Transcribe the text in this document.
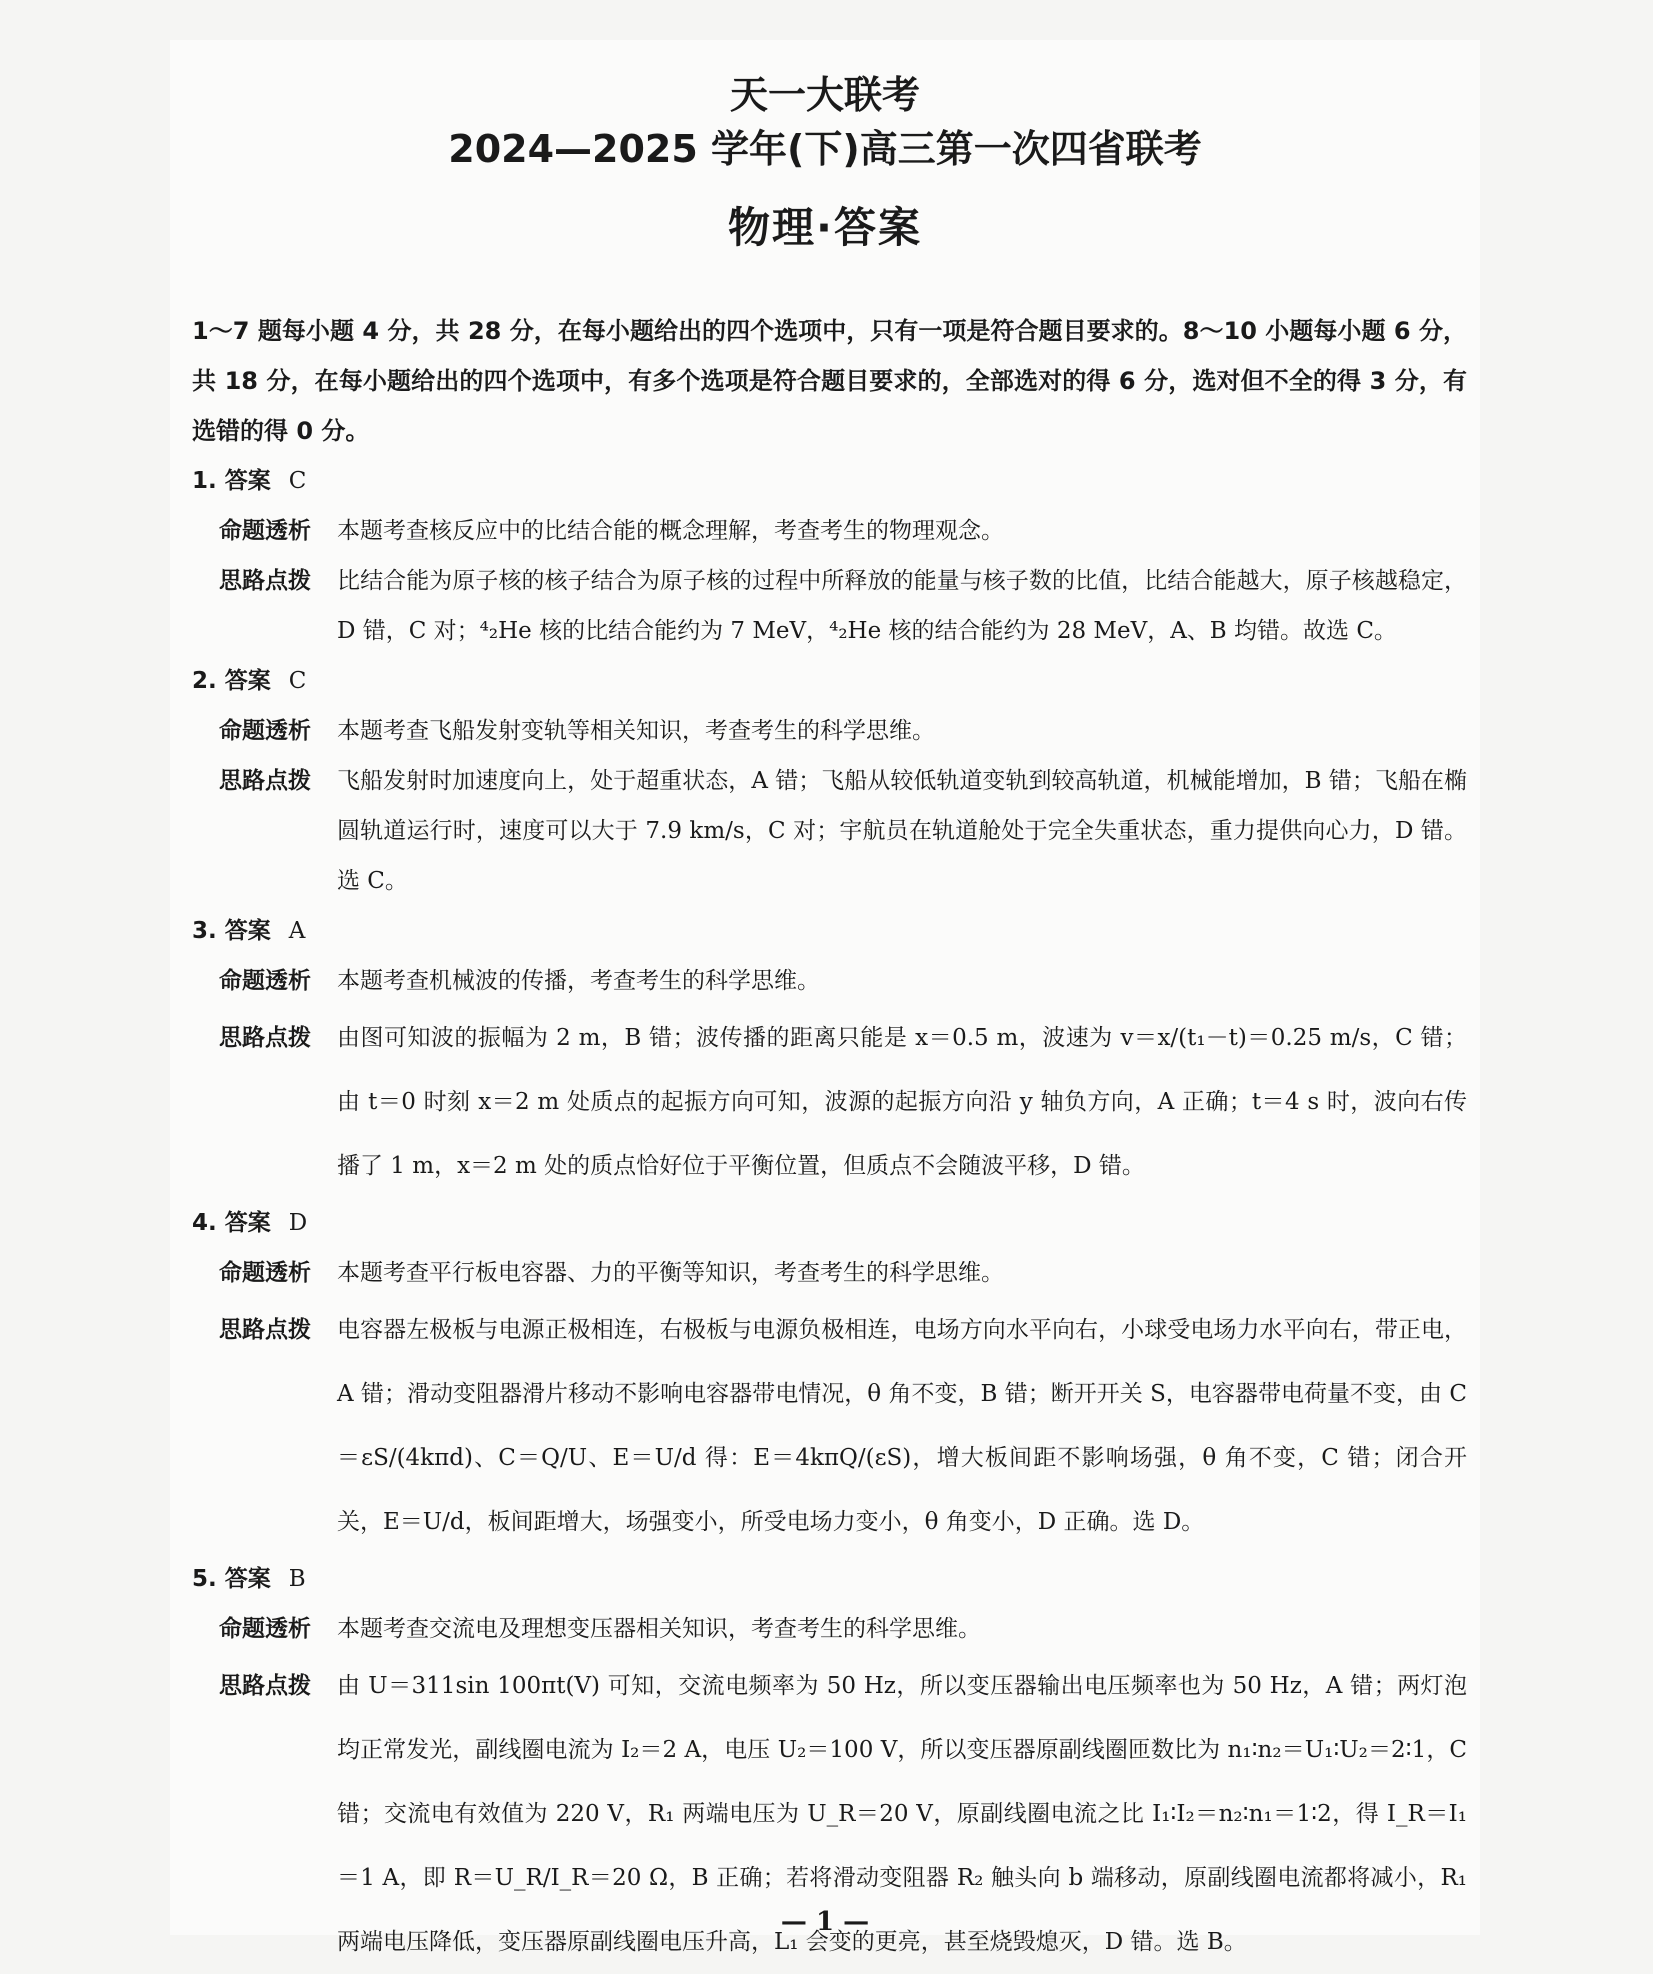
天一大联考
2024—2025 学年(下)高三第一次四省联考
物理·答案
1～7 题每小题 4 分，共 28 分，在每小题给出的四个选项中，只有一项是符合题目要求的。8～10 小题每小题 6 分，共 18 分，在每小题给出的四个选项中，有多个选项是符合题目要求的，全部选对的得 6 分，选对但不全的得 3 分，有选错的得 0 分。
1. 答案 C
命题透析	本题考查核反应中的比结合能的概念理解，考查考生的物理观念。
思路点拨	比结合能为原子核的核子结合为原子核的过程中所释放的能量与核子数的比值，比结合能越大，原子核越稳定，D 错，C 对；⁴₂He 核的比结合能约为 7 MeV，⁴₂He 核的结合能约为 28 MeV，A、B 均错。故选 C。
2. 答案 C
命题透析	本题考查飞船发射变轨等相关知识，考查考生的科学思维。
思路点拨	飞船发射时加速度向上，处于超重状态，A 错；飞船从较低轨道变轨到较高轨道，机械能增加，B 错；飞船在椭圆轨道运行时，速度可以大于 7.9 km/s，C 对；宇航员在轨道舱处于完全失重状态，重力提供向心力，D 错。选 C。
3. 答案 A
命题透析	本题考查机械波的传播，考查考生的科学思维。
思路点拨	由图可知波的振幅为 2 m，B 错；波传播的距离只能是 x＝0.5 m，波速为 v＝x/(t₁－t)＝0.25 m/s，C 错；由 t＝0 时刻 x＝2 m 处质点的起振方向可知，波源的起振方向沿 y 轴负方向，A 正确；t＝4 s 时，波向右传播了 1 m，x＝2 m 处的质点恰好位于平衡位置，但质点不会随波平移，D 错。
4. 答案 D
命题透析	本题考查平行板电容器、力的平衡等知识，考查考生的科学思维。
思路点拨	电容器左极板与电源正极相连，右极板与电源负极相连，电场方向水平向右，小球受电场力水平向右，带正电，A 错；滑动变阻器滑片移动不影响电容器带电情况，θ 角不变，B 错；断开开关 S，电容器带电荷量不变，由 C＝εS/(4kπd)、C＝Q/U、E＝U/d 得：E＝4kπQ/(εS)，增大板间距不影响场强，θ 角不变，C 错；闭合开关，E＝U/d，板间距增大，场强变小，所受电场力变小，θ 角变小，D 正确。选 D。
5. 答案 B
命题透析	本题考查交流电及理想变压器相关知识，考查考生的科学思维。
思路点拨	由 U＝311sin 100πt(V) 可知，交流电频率为 50 Hz，所以变压器输出电压频率也为 50 Hz，A 错；两灯泡均正常发光，副线圈电流为 I₂＝2 A，电压 U₂＝100 V，所以变压器原副线圈匝数比为 n₁∶n₂＝U₁∶U₂＝2∶1，C 错；交流电有效值为 220 V，R₁ 两端电压为 U_R＝20 V，原副线圈电流之比 I₁∶I₂＝n₂∶n₁＝1∶2，得 I_R＝I₁＝1 A，即 R＝U_R/I_R＝20 Ω，B 正确；若将滑动变阻器 R₂ 触头向 b 端移动，原副线圈电流都将减小，R₁ 两端电压降低，变压器原副线圈电压升高，L₁ 会变的更亮，甚至烧毁熄灭，D 错。选 B。
— 1 —
